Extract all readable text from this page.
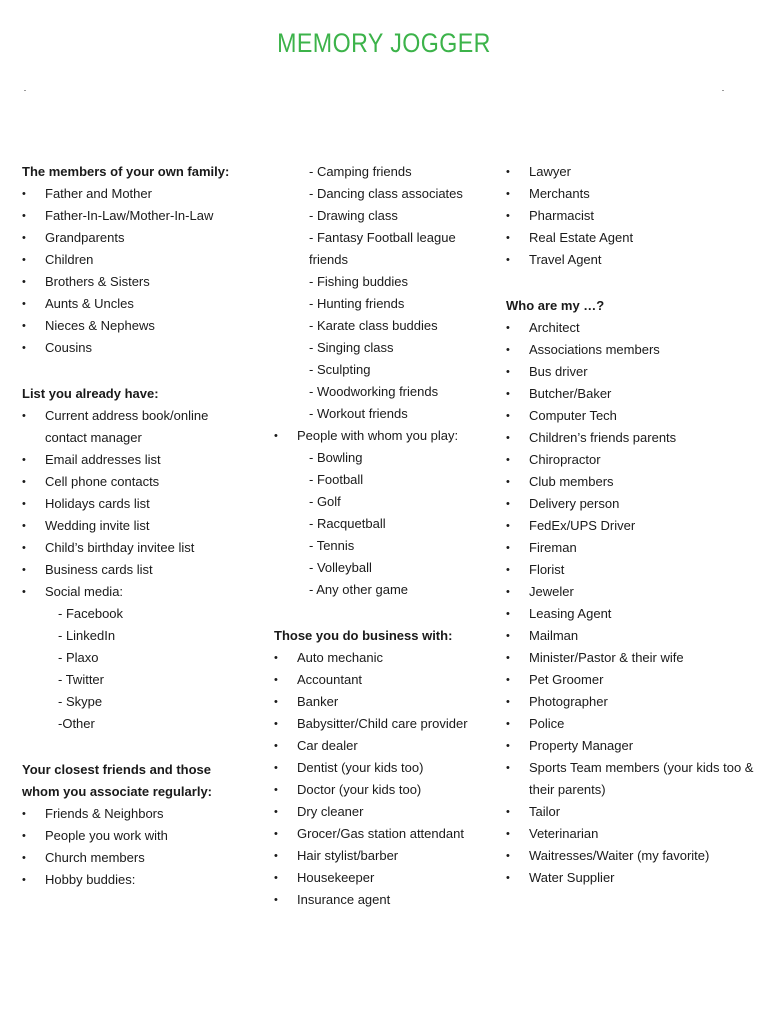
MEMORY JOGGER

The members of your own family:

• Father and Mother
• Father-In-Law/Mother-In-Law
• Grandparents
• Children
• Brothers & Sisters
• Aunts & Uncles
• Nieces & Nephews
• Cousins

List you already have:

• Current address book/online contact manager
• Email addresses list
• Cell phone contacts
• Holidays cards list
• Wedding invite list
• Child’s birthday invitee list
• Business cards list
• Social media:
- Facebook
- LinkedIn
- Plaxo
- Twitter
- Skype
-Other

Your closest friends and those whom you associate regularly:

• Friends & Neighbors
• People you work with
• Church members
• Hobby buddies:
- Camping friends
- Dancing class associates
- Drawing class
- Fantasy Football league friends
- Fishing buddies
- Hunting friends
- Karate class buddies
- Singing class
- Sculpting
- Woodworking friends
- Workout friends
• People with whom you play:
- Bowling
- Football
- Golf
- Racquetball
- Tennis
- Volleyball
- Any other game

Those you do business with:

• Auto mechanic
• Accountant
• Banker
• Babysitter/Child care provider
• Car dealer
• Dentist (your kids too)
• Doctor (your kids too)
• Dry cleaner
• Grocer/Gas station attendant
• Hair stylist/barber
• Housekeeper
• Insurance agent
• Lawyer
• Merchants
• Pharmacist
• Real Estate Agent
• Travel Agent

Who are my …?

• Architect
• Associations members
• Bus driver
• Butcher/Baker
• Computer Tech
• Children’s friends parents
• Chiropractor
• Club members
• Delivery person
• FedEx/UPS Driver
• Fireman
• Florist
• Jeweler
• Leasing Agent
• Mailman
• Minister/Pastor & their wife
• Pet Groomer
• Photographer
• Police
• Property Manager
• Sports Team members (your kids too & their parents)
• Tailor
• Veterinarian
• Waitresses/Waiter (my favorite)
• Water Supplier
